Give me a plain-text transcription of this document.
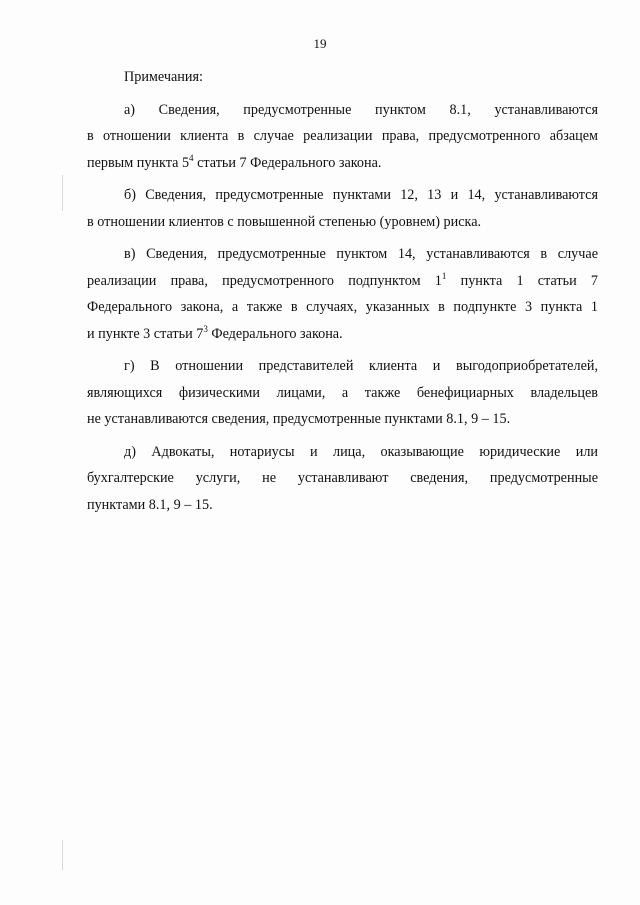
19

Примечания:

а) Сведения, предусмотренные пунктом 8.1, устанавливаются
в отношении клиента в случае реализации права, предусмотренного абзацем
первым пункта $5^4$ статьи 7 Федерального закона.
б) Сведения, предусмотренные пунктами 12, 13 и 14, устанавливаются
в отношении клиентов с повышенной степенью (уровнем) риска.
в) Сведения, предусмотренные пунктом 14, устанавливаются в случае
реализации права, предусмотренного подпунктом $1^1$ пункта 1 статьи 7
Федерального закона, а также в случаях, указанных в подпункте 3 пункта 1
и пункте 3 статьи $7^3$ Федерального закона.
г) В отношении представителей клиента и выгодоприобретателей,
являющихся физическими лицами, а также бенефициарных владельцев
не устанавливаются сведения, предусмотренные пунктами 8.1, 9 – 15.
д) Адвокаты, нотариусы и лица, оказывающие юридические или
бухгалтерские услуги, не устанавливают сведения, предусмотренные
пунктами 8.1, 9 – 15.
